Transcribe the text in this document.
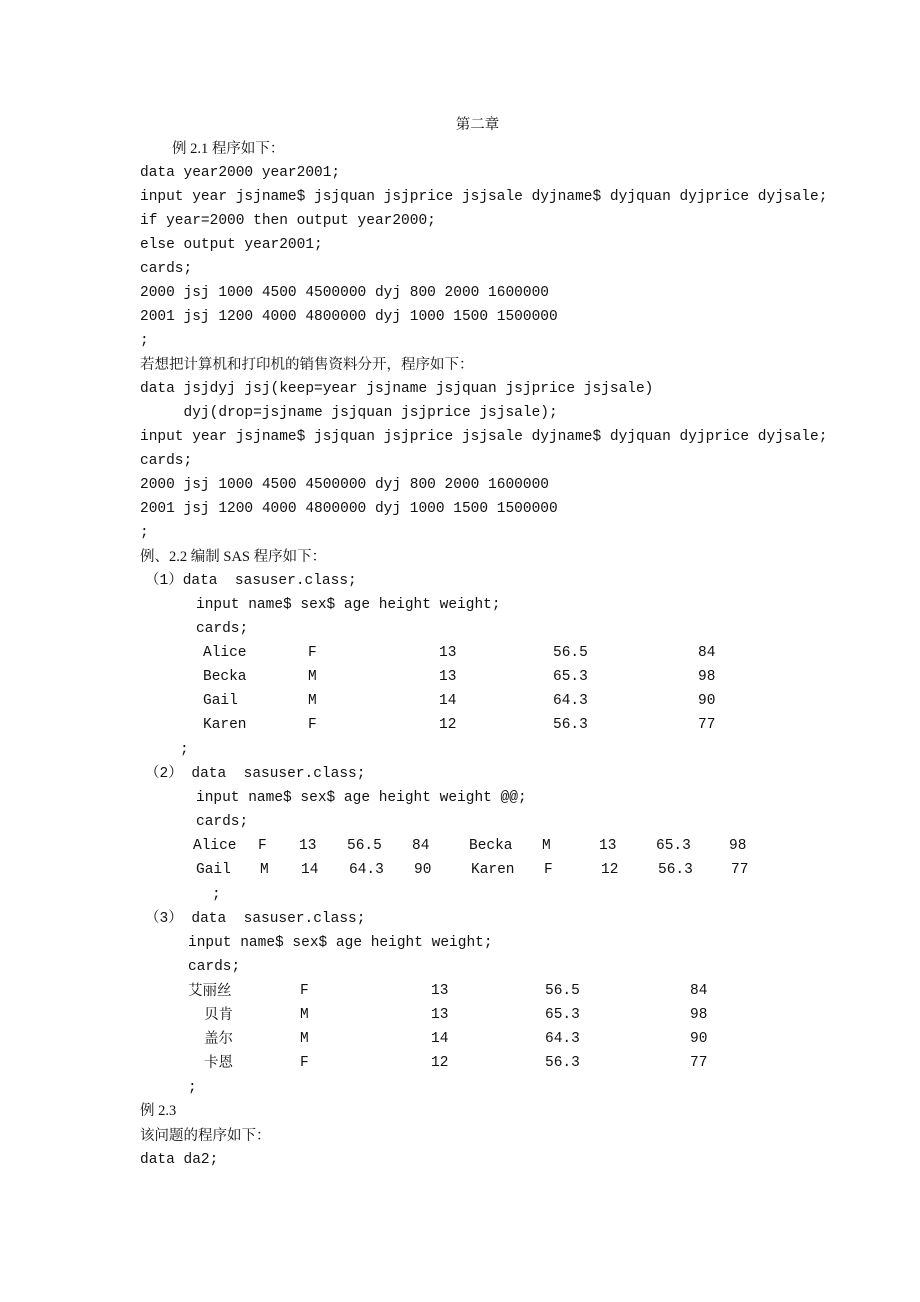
第二章
例 2.1 程序如下：
data year2000 year2001;
input year jsjname$ jsjquan jsjprice jsjsale dyjname$ dyjquan dyjprice dyjsale;
if year=2000 then output year2000;
else output year2001;
cards;
2000 jsj 1000 4500 4500000 dyj 800 2000 1600000
2001 jsj 1200 4000 4800000 dyj 1000 1500 1500000
;
若想把计算机和打印机的销售资料分开，程序如下：
data jsjdyj jsj(keep=year jsjname jsjquan jsjprice jsjsale)
dyj(drop=jsjname jsjquan jsjprice jsjsale);
input year jsjname$ jsjquan jsjprice jsjsale dyjname$ dyjquan dyjprice dyjsale;
cards;
2000 jsj 1000 4500 4500000 dyj 800 2000 1600000
2001 jsj 1200 4000 4800000 dyj 1000 1500 1500000
;
例、2.2 编制 SAS 程序如下：
（1）data  sasuser.class;
input name$ sex$ age height weight;
cards;
Alice	F	13	56.5	84
Becka	M	13	65.3	98
Gail	M	14	64.3	90
Karen	F	12	56.3	77
;
（2） data  sasuser.class;
input name$ sex$ age height weight @@;
cards;
Alice F 13 56.5 84	Becka M	13	65.3	98
Gail M 14 64.3 90	Karen F	12	56.3	77
;
（3） data  sasuser.class;
input name$ sex$ age height weight;
cards;
艾丽丝	F	13	56.5	84
贝肯	M	13	65.3	98
盖尔	M	14	64.3	90
卡恩	F	12	56.3	77
;
例 2.3
该问题的程序如下：
data da2;
